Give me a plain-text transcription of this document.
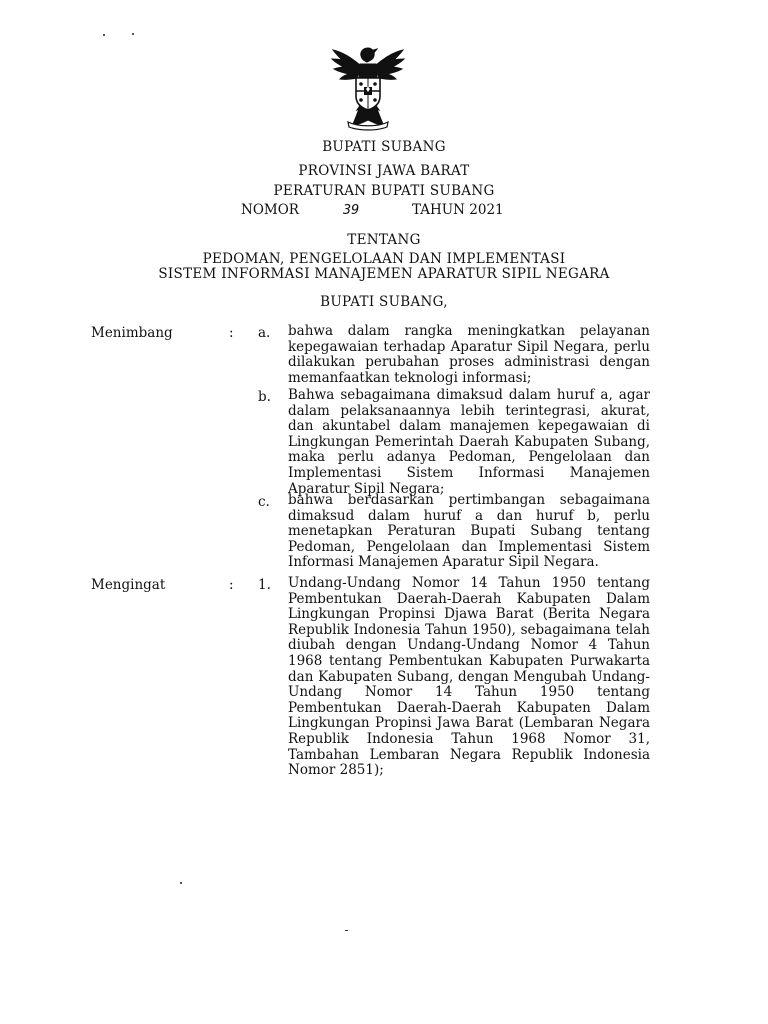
BUPATI SUBANG
PROVINSI JAWA BARAT
PERATURAN BUPATI SUBANG
NOMOR	39	TAHUN 2021
TENTANG
PEDOMAN, PENGELOLAAN DAN IMPLEMENTASI
SISTEM INFORMASI MANAJEMEN APARATUR SIPIL NEGARA
BUPATI SUBANG,
Menimbang	: a. bahwa dalam rangka meningkatkan pelayanan kepegawaian terhadap Aparatur Sipil Negara, perlu dilakukan perubahan proses administrasi dengan memanfaatkan teknologi informasi;
b. Bahwa sebagaimana dimaksud dalam huruf a, agar dalam pelaksanaannya lebih terintegrasi, akurat, dan akuntabel dalam manajemen kepegawaian di Lingkungan Pemerintah Daerah Kabupaten Subang, maka perlu adanya Pedoman, Pengelolaan dan Implementasi Sistem Informasi Manajemen Aparatur Sipil Negara;
c. bahwa berdasarkan pertimbangan sebagaimana dimaksud dalam huruf a dan huruf b, perlu menetapkan Peraturan Bupati Subang tentang Pedoman, Pengelolaan dan Implementasi Sistem Informasi Manajemen Aparatur Sipil Negara.
Mengingat	: 1. Undang-Undang Nomor 14 Tahun 1950 tentang Pembentukan Daerah-Daerah Kabupaten Dalam Lingkungan Propinsi Djawa Barat (Berita Negara Republik Indonesia Tahun 1950), sebagaimana telah diubah dengan Undang-Undang Nomor 4 Tahun 1968 tentang Pembentukan Kabupaten Purwakarta dan Kabupaten Subang, dengan Mengubah Undang-Undang Nomor 14 Tahun 1950 tentang Pembentukan Daerah-Daerah Kabupaten Dalam Lingkungan Propinsi Jawa Barat (Lembaran Negara Republik Indonesia Tahun 1968 Nomor 31, Tambahan Lembaran Negara Republik Indonesia Nomor 2851);
